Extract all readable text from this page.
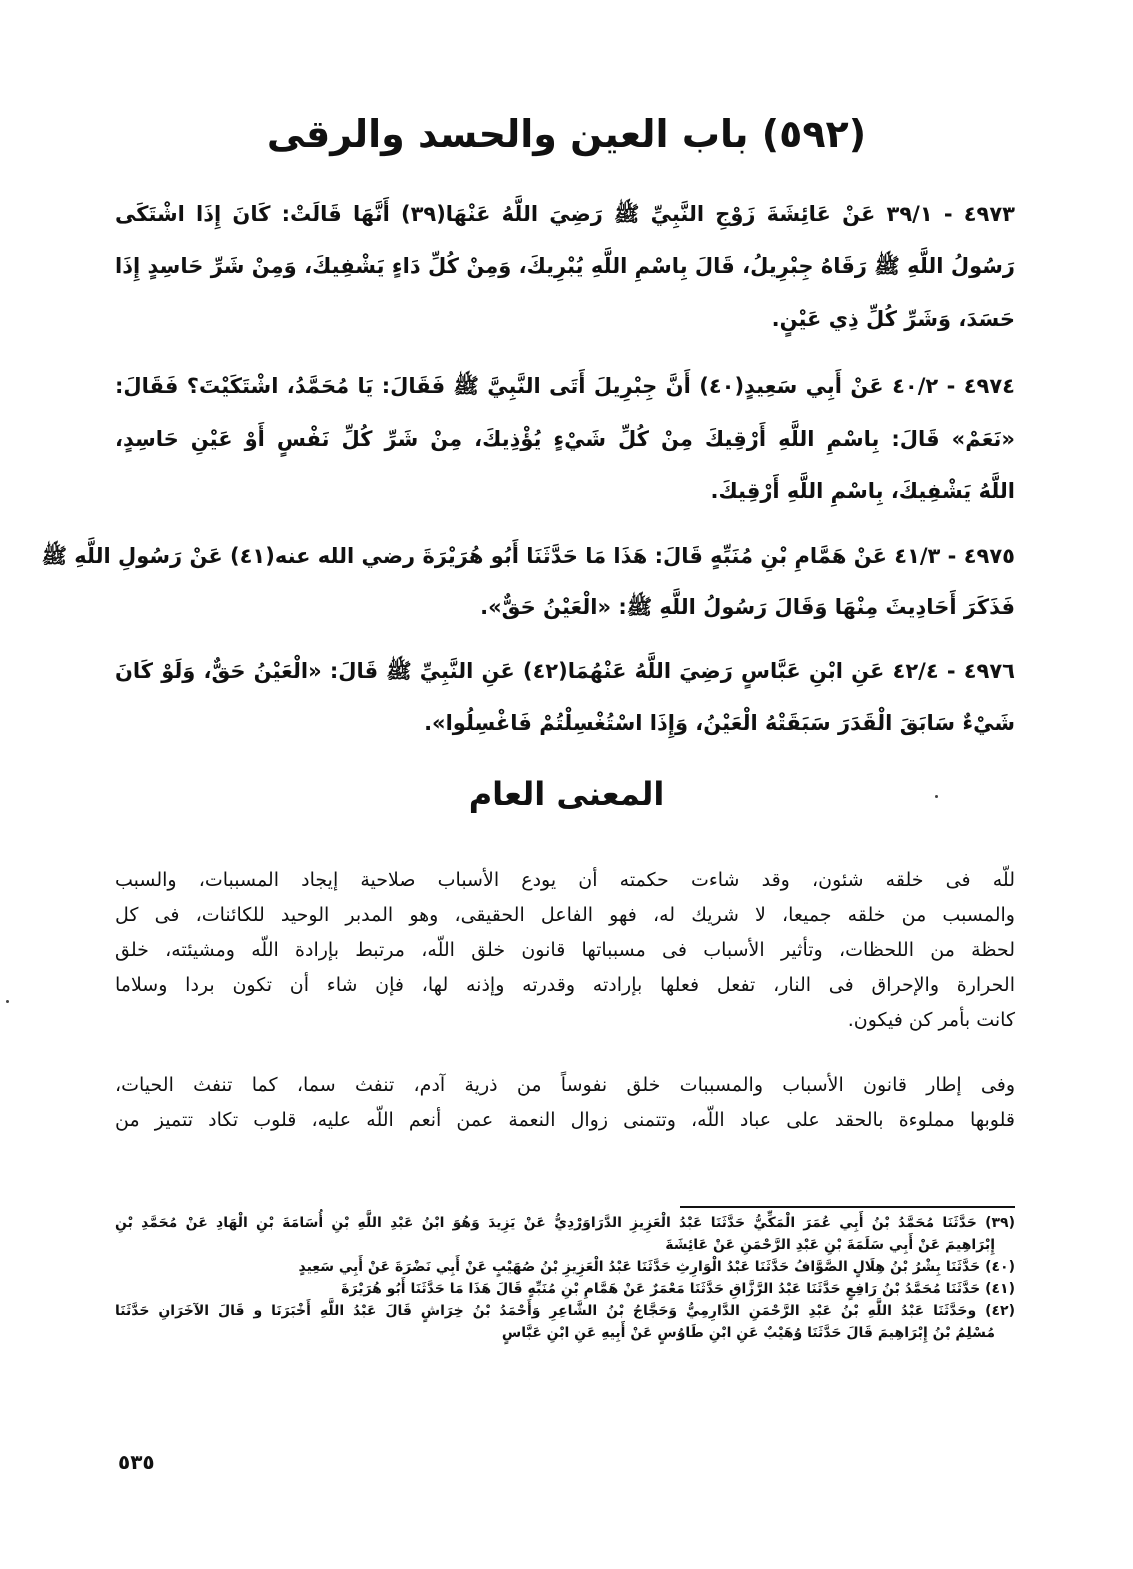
(٥٩٢) باب العين والحسد والرقى
٤٩٧٣ - ٣٩/١ عَنْ عَائِشَةَ زَوْجِ النَّبِيِّ ﷺ رَضِيَ اللَّهُ عَنْهَا(٣٩) أَنَّهَا قَالَتْ: كَانَ إِذَا اشْتَكَى
رَسُولُ اللَّهِ ﷺ رَقَاهُ جِبْرِيلُ، قَالَ بِاسْمِ اللَّهِ يُبْرِيكَ، وَمِنْ كُلِّ دَاءٍ يَشْفِيكَ، وَمِنْ شَرِّ حَاسِدٍ إِذَا
حَسَدَ، وَشَرِّ كُلِّ ذِي عَيْنٍ.
٤٩٧٤ - ٤٠/٢ عَنْ أَبِي سَعِيدٍ(٤٠) أَنَّ جِبْرِيلَ أَتَى النَّبِيَّ ﷺ فَقَالَ: يَا مُحَمَّدُ، اشْتَكَيْتَ؟ فَقَالَ:
«نَعَمْ» قَالَ: بِاسْمِ اللَّهِ أَرْقِيكَ مِنْ كُلِّ شَيْءٍ يُؤْذِيكَ، مِنْ شَرِّ كُلِّ نَفْسٍ أَوْ عَيْنِ حَاسِدٍ،
اللَّهُ يَشْفِيكَ، بِاسْمِ اللَّهِ أَرْقِيكَ.
٤٩٧٥ - ٤١/٣ عَنْ هَمَّامِ بْنِ مُنَبِّهٍ قَالَ: هَذَا مَا حَدَّثَنَا أَبُو هُرَيْرَةَ رضي الله عنه(٤١) عَنْ رَسُولِ اللَّهِ ﷺ
فَذَكَرَ أَحَادِيثَ مِنْهَا وَقَالَ رَسُولُ اللَّهِ ﷺ: «الْعَيْنُ حَقٌّ».
٤٩٧٦ - ٤٢/٤ عَنِ ابْنِ عَبَّاسٍ رَضِيَ اللَّهُ عَنْهُمَا(٤٢) عَنِ النَّبِيِّ ﷺ قَالَ: «الْعَيْنُ حَقٌّ، وَلَوْ كَانَ
شَيْءٌ سَابَقَ الْقَدَرَ سَبَقَتْهُ الْعَيْنُ، وَإِذَا اسْتُغْسِلْتُمْ فَاغْسِلُوا».
المعنى العام
للّه فى خلقه شئون، وقد شاءت حكمته أن يودع الأسباب صلاحية إيجاد المسببات، والسبب
والمسبب من خلقه جميعا، لا شريك له، فهو الفاعل الحقيقى، وهو المدبر الوحيد للكائنات، فى كل
لحظة من اللحظات، وتأثير الأسباب فى مسبباتها قانون خلق اللّه، مرتبط بإرادة اللّه ومشيئته، خلق
الحرارة والإحراق فى النار، تفعل فعلها بإرادته وقدرته وإذنه لها، فإن شاء أن تكون بردا وسلاما
كانت بأمر كن فيكون.
وفى إطار قانون الأسباب والمسببات خلق نفوساً من ذرية آدم، تنفث سما، كما تنفث الحيات،
قلوبها مملوءة بالحقد على عباد اللّه، وتتمنى زوال النعمة عمن أنعم اللّه عليه، قلوب تكاد تتميز من
(٣٩) حَدَّثَنَا مُحَمَّدُ بْنُ أَبِي عُمَرَ الْمَكِّيُّ حَدَّثَنَا عَبْدُ الْعَزِيزِ الدَّرَاوَرْدِيُّ عَنْ يَزِيدَ وَهُوَ ابْنُ عَبْدِ اللَّهِ بْنِ أُسَامَةَ بْنِ الْهَادِ عَنْ مُحَمَّدِ بْنِ
إِبْرَاهِيمَ عَنْ أَبِي سَلَمَةَ بْنِ عَبْدِ الرَّحْمَنِ عَنْ عَائِشَةَ
(٤٠) حَدَّثَنَا بِشْرُ بْنُ هِلَالٍ الصَّوَّافُ حَدَّثَنَا عَبْدُ الْوَارِثِ حَدَّثَنَا عَبْدُ الْعَزِيزِ بْنُ صُهَيْبٍ عَنْ أَبِي نَضْرَةَ عَنْ أَبِي سَعِيدٍ
(٤١) حَدَّثَنَا مُحَمَّدُ بْنُ رَافِعٍ حَدَّثَنَا عَبْدُ الرَّزَّاقِ حَدَّثَنَا مَعْمَرٌ عَنْ هَمَّامِ بْنِ مُنَبِّهٍ قَالَ هَذَا مَا حَدَّثَنَا أَبُو هُرَيْرَةَ
(٤٢) وحَدَّثَنَا عَبْدُ اللَّهِ بْنُ عَبْدِ الرَّحْمَنِ الدَّارِمِيُّ وَحَجَّاجُ بْنُ الشَّاعِرِ وَأَحْمَدُ بْنُ خِرَاشٍ قَالَ عَبْدُ اللَّهِ أَخْبَرَنَا و قَالَ الآخَرَانِ حَدَّثَنَا
مُسْلِمُ بْنُ إِبْرَاهِيمَ قَالَ حَدَّثَنَا وُهَيْبٌ عَنِ ابْنِ طَاوُسٍ عَنْ أَبِيهِ عَنِ ابْنِ عَبَّاسٍ
٥٣٥
